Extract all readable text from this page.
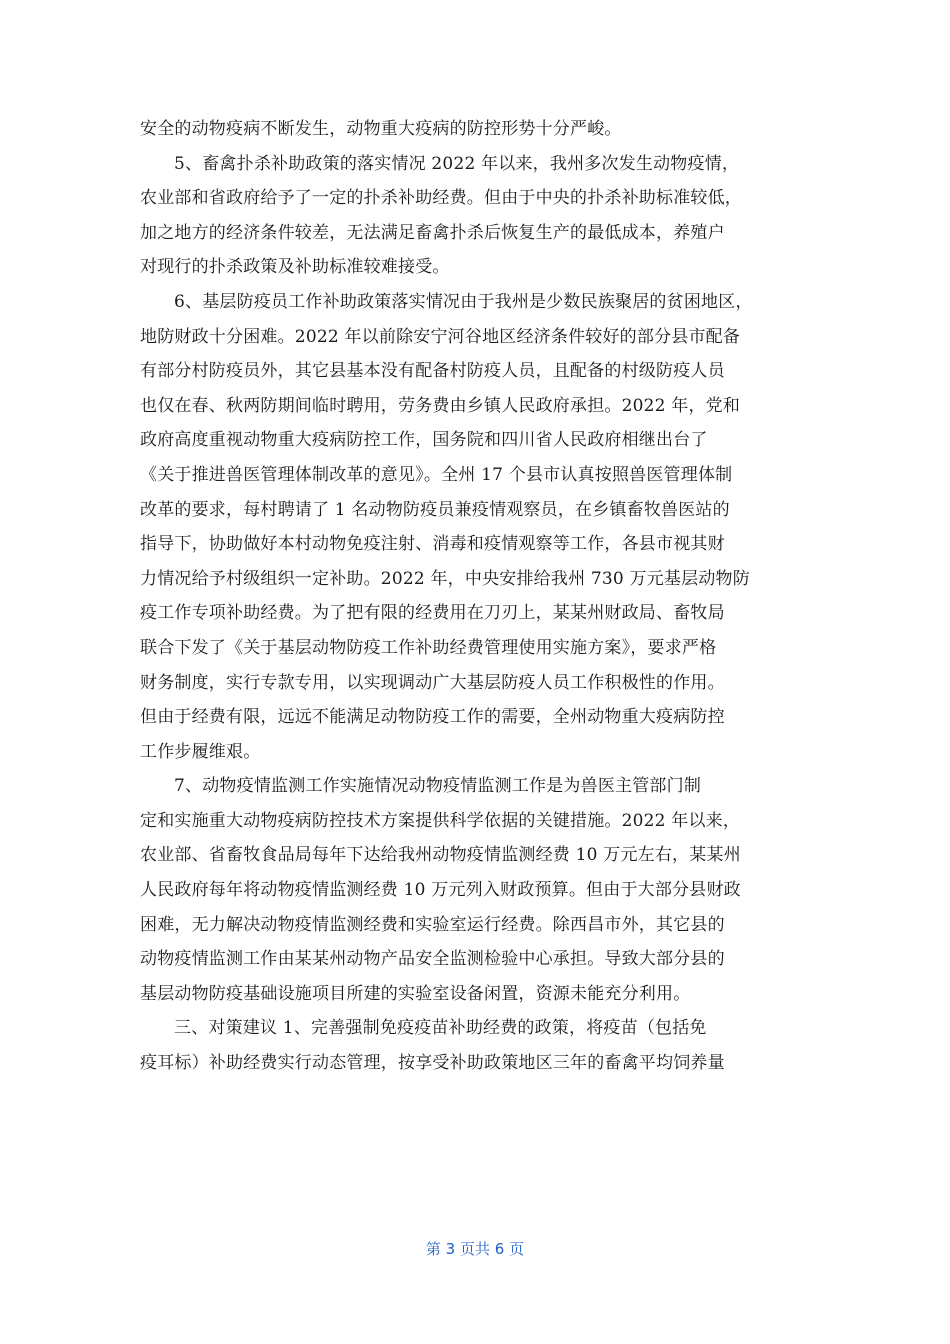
安全的动物疫病不断发生，动物重大疫病的防控形势十分严峻。
5、畜禽扑杀补助政策的落实情况 2022 年以来，我州多次发生动物疫情，
农业部和省政府给予了一定的扑杀补助经费。但由于中央的扑杀补助标准较低，
加之地方的经济条件较差，无法满足畜禽扑杀后恢复生产的最低成本，养殖户
对现行的扑杀政策及补助标准较难接受。
6、基层防疫员工作补助政策落实情况由于我州是少数民族聚居的贫困地区，
地防财政十分困难。2022 年以前除安宁河谷地区经济条件较好的部分县市配备
有部分村防疫员外，其它县基本没有配备村防疫人员，且配备的村级防疫人员
也仅在春、秋两防期间临时聘用，劳务费由乡镇人民政府承担。2022 年，党和
政府高度重视动物重大疫病防控工作，国务院和四川省人民政府相继出台了
《关于推进兽医管理体制改革的意见》。全州 17 个县市认真按照兽医管理体制
改革的要求，每村聘请了 1 名动物防疫员兼疫情观察员，在乡镇畜牧兽医站的
指导下，协助做好本村动物免疫注射、消毒和疫情观察等工作，各县市视其财
力情况给予村级组织一定补助。2022 年，中央安排给我州 730 万元基层动物防
疫工作专项补助经费。为了把有限的经费用在刀刃上，某某州财政局、畜牧局
联合下发了《关于基层动物防疫工作补助经费管理使用实施方案》，要求严格
财务制度，实行专款专用，以实现调动广大基层防疫人员工作积极性的作用。
但由于经费有限，远远不能满足动物防疫工作的需要，全州动物重大疫病防控
工作步履维艰。
7、动物疫情监测工作实施情况动物疫情监测工作是为兽医主管部门制
定和实施重大动物疫病防控技术方案提供科学依据的关键措施。2022 年以来，
农业部、省畜牧食品局每年下达给我州动物疫情监测经费 10 万元左右，某某州
人民政府每年将动物疫情监测经费 10 万元列入财政预算。但由于大部分县财政
困难，无力解决动物疫情监测经费和实验室运行经费。除西昌市外，其它县的
动物疫情监测工作由某某州动物产品安全监测检验中心承担。导致大部分县的
基层动物防疫基础设施项目所建的实验室设备闲置，资源未能充分利用。
三、对策建议 1、完善强制免疫疫苗补助经费的政策，将疫苗（包括免
疫耳标）补助经费实行动态管理，按享受补助政策地区三年的畜禽平均饲养量
第 3 页共 6 页
